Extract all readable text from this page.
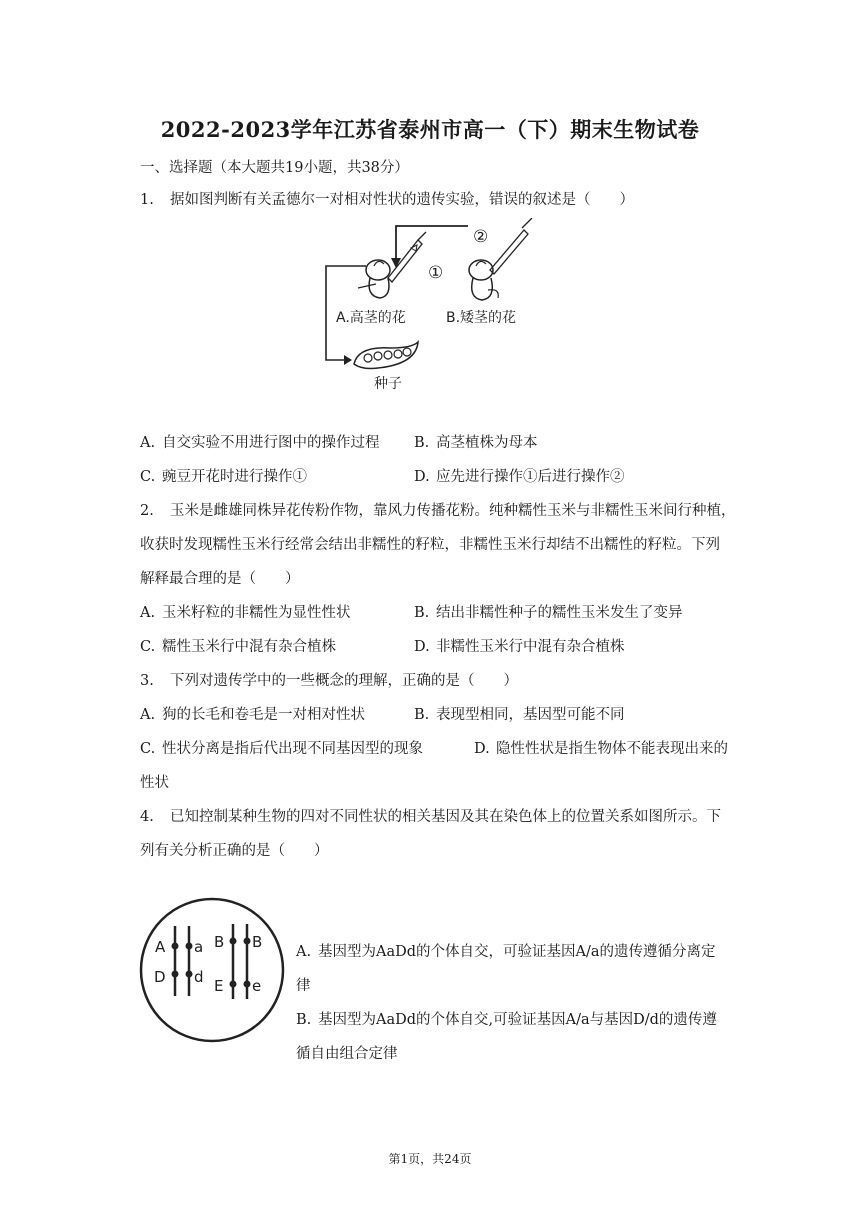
2022-2023学年江苏省泰州市高一（下）期末生物试卷
一、选择题（本大题共19小题，共38分）
1. 据如图判断有关孟德尔一对相对性状的遗传实验，错误的叙述是（　　）
①
②
A.高茎的花	B.矮茎的花
种子
A. 自交实验不用进行图中的操作过程 B. 高茎植株为母本
C. 豌豆开花时进行操作①	D. 应先进行操作①后进行操作②
2. 玉米是雌雄同株异花传粉作物，靠风力传播花粉。纯种糯性玉米与非糯性玉米间行种植，
收获时发现糯性玉米行经常会结出非糯性的籽粒，非糯性玉米行却结不出糯性的籽粒。下列
解释最合理的是（　　）
A. 玉米籽粒的非糯性为显性性状	B. 结出非糯性种子的糯性玉米发生了变异
C. 糯性玉米行中混有杂合植株	D. 非糯性玉米行中混有杂合植株
3. 下列对遗传学中的一些概念的理解，正确的是（　　）
A. 狗的长毛和卷毛是一对相对性状	B. 表现型相同，基因型可能不同
C. 性状分离是指后代出现不同基因型的现象	D. 隐性性状是指生物体不能表现出来的
性状
4. 已知控制某种生物的四对不同性状的相关基因及其在染色体上的位置关系如图所示。下
列有关分析正确的是（　　）
A a
D d
B B
E e
A. 基因型为AaDd的个体自交，可验证基因A/a的遗传遵循分离定
律
B. 基因型为AaDd的个体自交,可验证基因A/a与基因D/d的遗传遵
循自由组合定律
第1页，共24页
